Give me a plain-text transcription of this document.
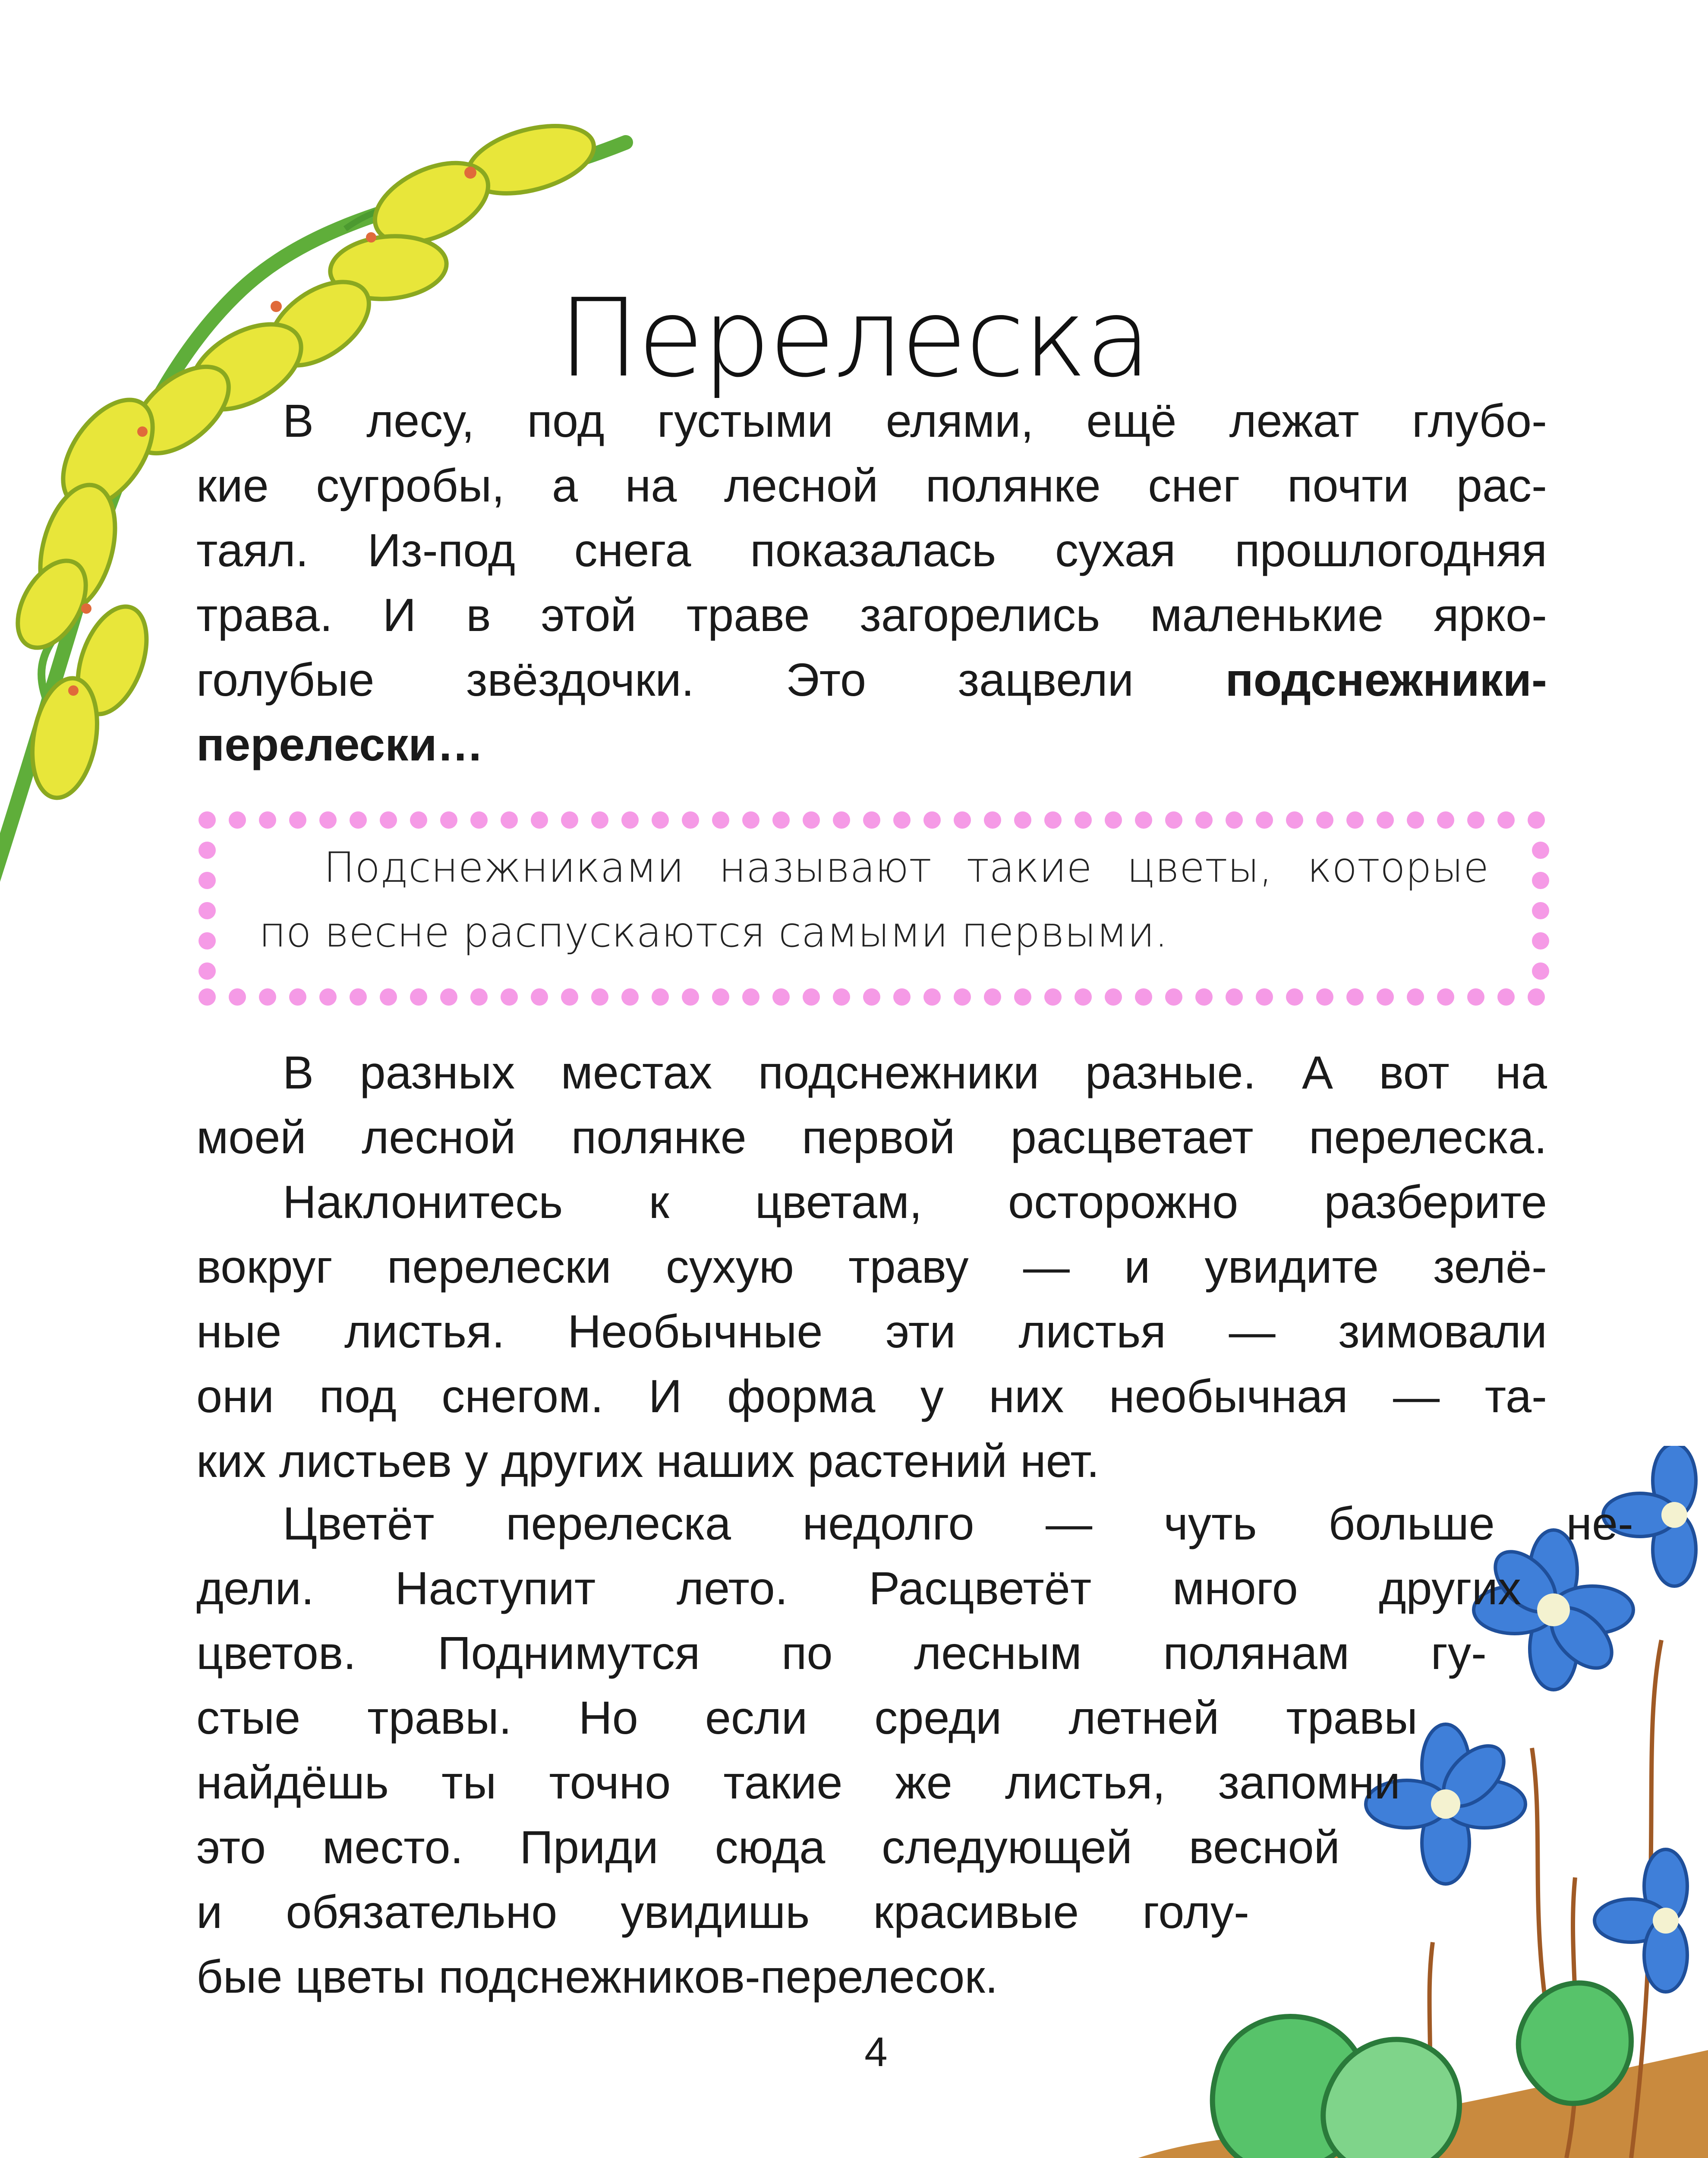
Перелеска

В лесу, под густыми елями, ещё лежат глубо-
кие сугробы, а на лесной полянке снег почти рас-
таял. Из-под снега показалась сухая прошлогодняя
трава. И в этой траве загорелись маленькие ярко-
голубые звёздочки. Это зацвели подснежники-
перелески…

Подснежниками называют такие цветы, которые
по весне распускаются самыми первыми.

В разных местах подснежники разные. А вот на
моей лесной полянке первой расцветает перелеска.

Наклонитесь к цветам, осторожно разберите
вокруг перелески сухую траву — и увидите зелё-
ные листья. Необычные эти листья — зимовали
они под снегом. И форма у них необычная — та-
ких листьев у других наших растений нет.

Цветёт перелеска недолго — чуть больше не-
дели. Наступит лето. Расцветёт много других
цветов. Поднимутся по лесным полянам гу-
стые травы. Но если среди летней травы
найдёшь ты точно такие же листья, запомни
это место. Приди сюда следующей весной
и обязательно увидишь красивые голу-
бые цветы подснежников-перелесок.
4
